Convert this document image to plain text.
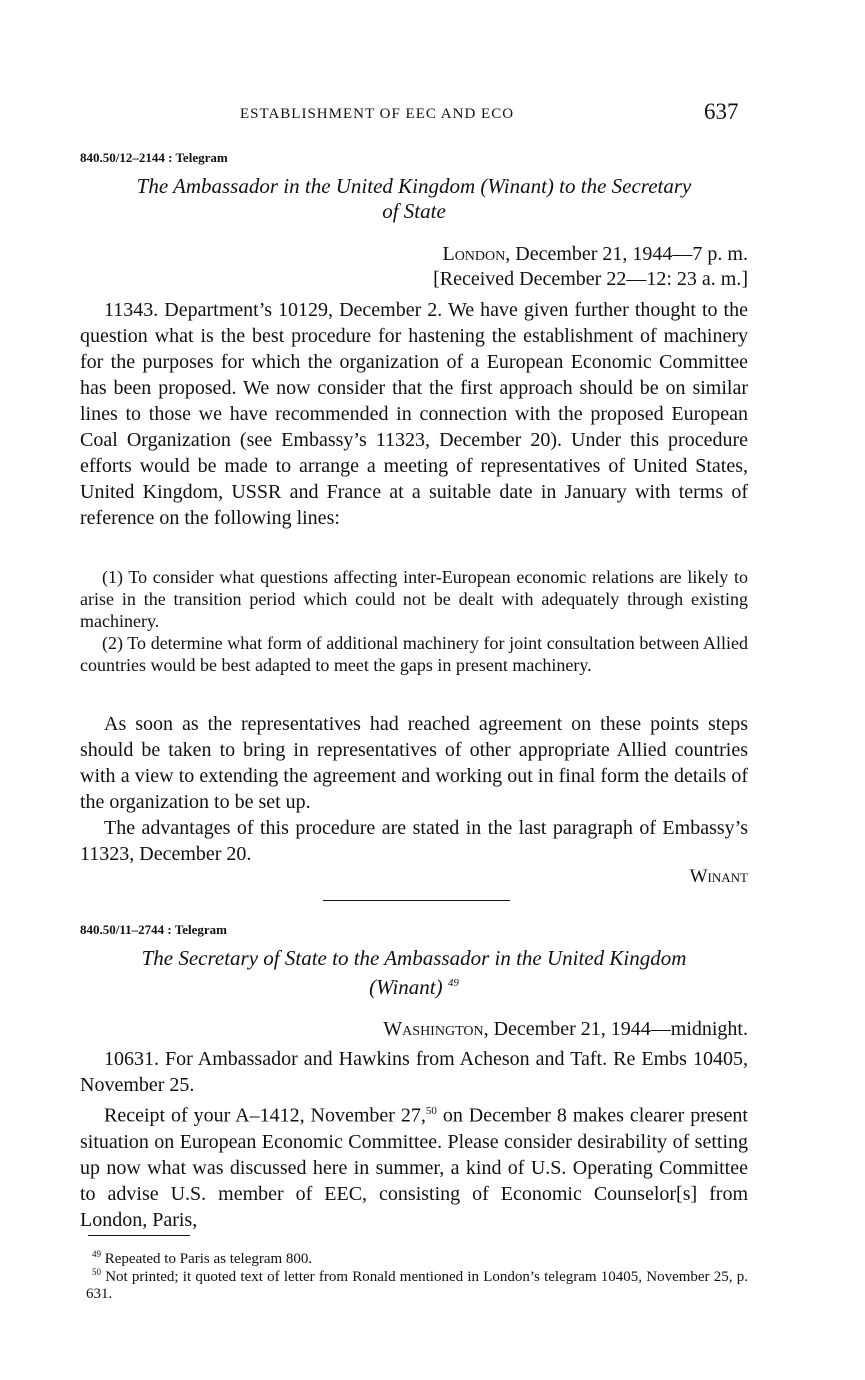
ESTABLISHMENT OF EEC AND ECO	637
840.50/12–2144 : Telegram
The Ambassador in the United Kingdom (Winant) to the Secretary
of State
London, December 21, 1944—7 p. m.
[Received December 22—12: 23 a. m.]
11343. Department’s 10129, December 2. We have given further thought to the question what is the best procedure for hastening the establishment of machinery for the purposes for which the organization of a European Economic Committee has been proposed. We now consider that the first approach should be on similar lines to those we have recommended in connection with the proposed European Coal Organization (see Embassy’s 11323, December 20). Under this procedure efforts would be made to arrange a meeting of representatives of United States, United Kingdom, USSR and France at a suitable date in January with terms of reference on the following lines:
(1) To consider what questions affecting inter-European economic relations are likely to arise in the transition period which could not be dealt with adequately through existing machinery.
(2) To determine what form of additional machinery for joint consultation between Allied countries would be best adapted to meet the gaps in present machinery.
As soon as the representatives had reached agreement on these points steps should be taken to bring in representatives of other appropriate Allied countries with a view to extending the agreement and working out in final form the details of the organization to be set up.
The advantages of this procedure are stated in the last paragraph of Embassy’s 11323, December 20.
Winant
840.50/11–2744 : Telegram
The Secretary of State to the Ambassador in the United Kingdom
(Winant) $^{49}$
Washington, December 21, 1944—midnight.
10631. For Ambassador and Hawkins from Acheson and Taft. Re Embs 10405, November 25.
Receipt of your A–1412, November 27,50 on December 8 makes clearer present situation on European Economic Committee. Please consider desirability of setting up now what was discussed here in summer, a kind of U.S. Operating Committee to advise U.S. member of EEC, consisting of Economic Counselor[s] from London, Paris,
$^{49}$ Repeated to Paris as telegram 800.
$^{50}$ Not printed; it quoted text of letter from Ronald mentioned in London’s telegram 10405, November 25, p. 631.
